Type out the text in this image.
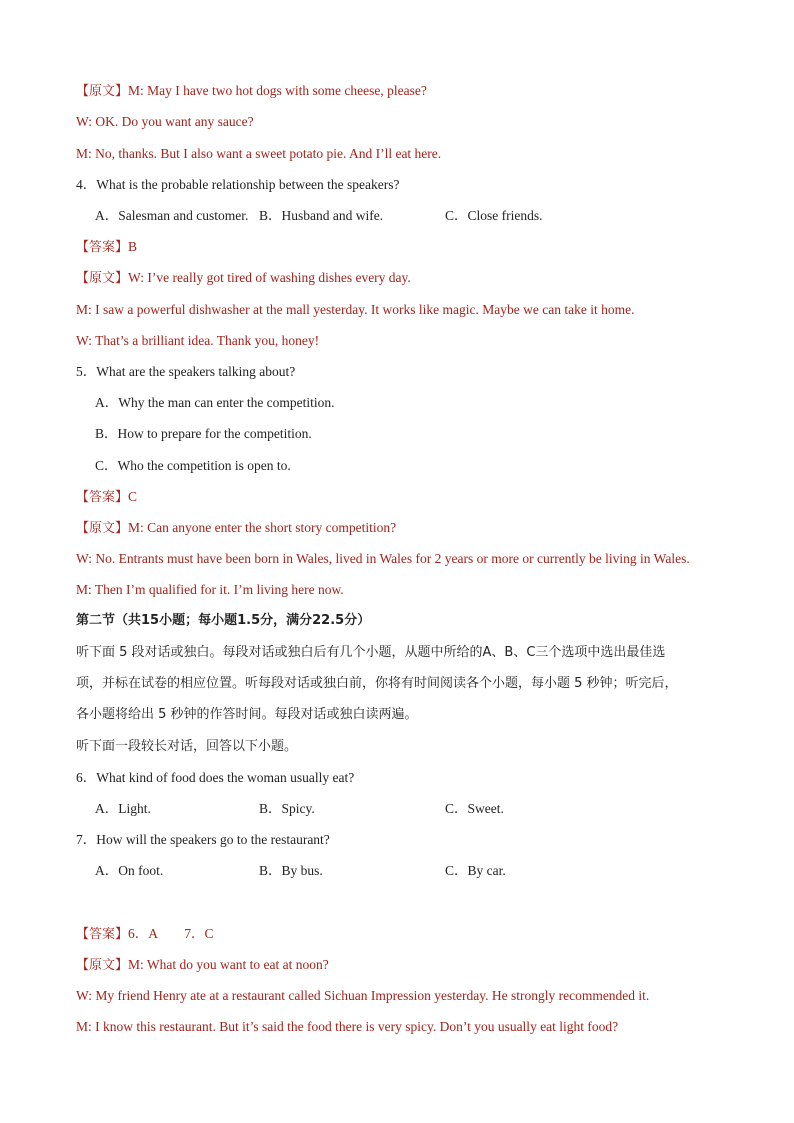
【原文】M: May I have two hot dogs with some cheese, please?
W: OK. Do you want any sauce?
M: No, thanks. But I also want a sweet potato pie. And I’ll eat here.
4．What is the probable relationship between the speakers?
A．Salesman and customer. B．Husband and wife.	C．Close friends.
【答案】B
【原文】W: I’ve really got tired of washing dishes every day.
M: I saw a powerful dishwasher at the mall yesterday. It works like magic. Maybe we can take it home.
W: That’s a brilliant idea. Thank you, honey!
5．What are the speakers talking about?
A．Why the man can enter the competition.
B．How to prepare for the competition.
C．Who the competition is open to.
【答案】C
【原文】M: Can anyone enter the short story competition?
W: No. Entrants must have been born in Wales, lived in Wales for 2 years or more or currently be living in Wales.
M: Then I’m qualified for it. I’m living here now.
第二节（共15小题；每小题1.5分，满分22.5分）
听下面 5 段对话或独白。每段对话或独白后有几个小题，从题中所给的A、B、C三个选项中选出最佳选
项，并标在试卷的相应位置。听每段对话或独白前，你将有时间阅读各个小题，每小题 5 秒钟；听完后，
各小题将给出 5 秒钟的作答时间。每段对话或独白读两遍。
听下面一段较长对话，回答以下小题。
6．What kind of food does the woman usually eat?
A．Light.	B．Spicy.	C．Sweet.
7．How will the speakers go to the restaurant?
A．On foot.	B．By bus.	C．By car.
【答案】6．A　　7．C
【原文】M: What do you want to eat at noon?
W: My friend Henry ate at a restaurant called Sichuan Impression yesterday. He strongly recommended it.
M: I know this restaurant. But it’s said the food there is very spicy. Don’t you usually eat light food?
